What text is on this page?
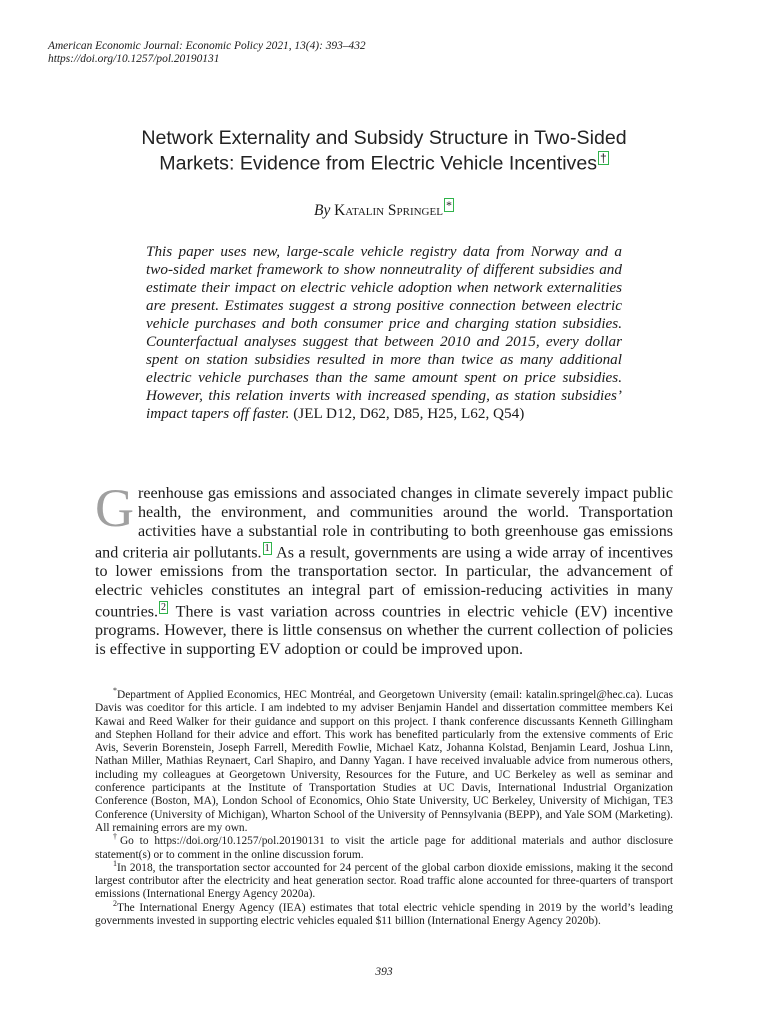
American Economic Journal: Economic Policy 2021, 13(4): 393–432
https://doi.org/10.1257/pol.20190131
Network Externality and Subsidy Structure in Two-Sided
Markets: Evidence from Electric Vehicle Incentives †
By Katalin Springel *
This paper uses new, large-scale vehicle registry data from Norway and a two-sided market framework to show nonneutrality of different subsidies and estimate their impact on electric vehicle adoption when network externalities are present. Estimates suggest a strong positive connection between electric vehicle purchases and both consumer price and charging station subsidies. Counterfactual analyses suggest that between 2010 and 2015, every dollar spent on station subsidies resulted in more than twice as many additional electric vehicle purchases than the same amount spent on price subsidies. However, this relation inverts with increased spending, as station subsidies’ impact tapers off faster. (JEL D12, D62, D85, H25, L62, Q54)
Greenhouse gas emissions and associated changes in climate severely impact public health, the environment, and communities around the world. Transportation activities have a substantial role in contributing to both greenhouse gas emissions and criteria air pollutants. 1 As a result, governments are using a wide array of incentives to lower emissions from the transportation sector. In particular, the advancement of electric vehicles constitutes an integral part of emission-reducing activities in many countries. 2 There is vast variation across countries in electric vehicle (EV) incentive programs. However, there is little consensus on whether the current collection of policies is effective in supporting EV adoption or could be improved upon.

*Department of Applied Economics, HEC Montréal, and Georgetown University (email: katalin.springel@hec.ca). Lucas Davis was coeditor for this article. I am indebted to my adviser Benjamin Handel and dissertation committee members Kei Kawai and Reed Walker for their guidance and support on this project. I thank conference discussants Kenneth Gillingham and Stephen Holland for their advice and effort. This work has benefited particularly from the extensive comments of Eric Avis, Severin Borenstein, Joseph Farrell, Meredith Fowlie, Michael Katz, Johanna Kolstad, Benjamin Leard, Joshua Linn, Nathan Miller, Mathias Reynaert, Carl Shapiro, and Danny Yagan. I have received invaluable advice from numerous others, including my colleagues at Georgetown University, Resources for the Future, and UC Berkeley as well as seminar and conference participants at the Institute of Transportation Studies at UC Davis, International Industrial Organization Conference (Boston, MA), London School of Economics, Ohio State University, UC Berkeley, University of Michigan, TE3 Conference (University of Michigan), Wharton School of the University of Pennsylvania (BEPP), and Yale SOM (Marketing). All remaining errors are my own.

†Go to https://doi.org/10.1257/pol.20190131 to visit the article page for additional materials and author disclosure statement(s) or to comment in the online discussion forum.

$^1$In 2018, the transportation sector accounted for 24 percent of the global carbon dioxide emissions, making it the second largest contributor after the electricity and heat generation sector. Road traffic alone accounted for three-quarters of transport emissions (International Energy Agency 2020a).

$^2$The International Energy Agency (IEA) estimates that total electric vehicle spending in 2019 by the world’s leading governments invested in supporting electric vehicles equaled $11 billion (International Energy Agency 2020b).

393
